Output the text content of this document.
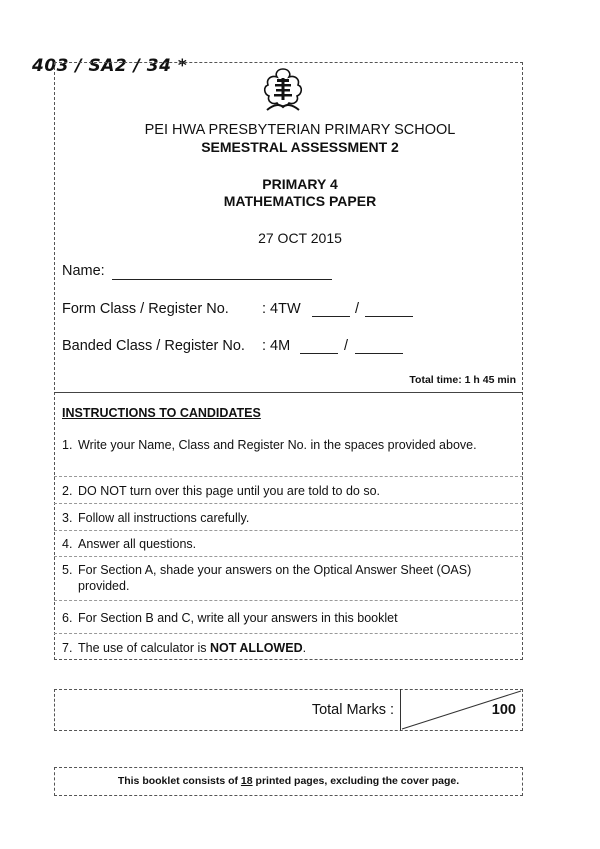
403 / SA2 / 34 *
PEI HWA PRESBYTERIAN PRIMARY SCHOOL
SEMESTRAL ASSESSMENT 2
PRIMARY 4
MATHEMATICS PAPER
27 OCT 2015
Name:
Form Class / Register No. : 4TW	/
Banded Class / Register No. : 4M	/
Total time: 1 h 45 min
INSTRUCTIONS TO CANDIDATES
1. Write your Name, Class and Register No. in the spaces provided above.
2. DO NOT turn over this page until you are told to do so.
3. Follow all instructions carefully.
4. Answer all questions.
5. For Section A, shade your answers on the Optical Answer Sheet (OAS) provided.
6. For Section B and C, write all your answers in this booklet
7. The use of calculator is NOT ALLOWED.
Total Marks :	100
This booklet consists of 18 printed pages, excluding the cover page.
